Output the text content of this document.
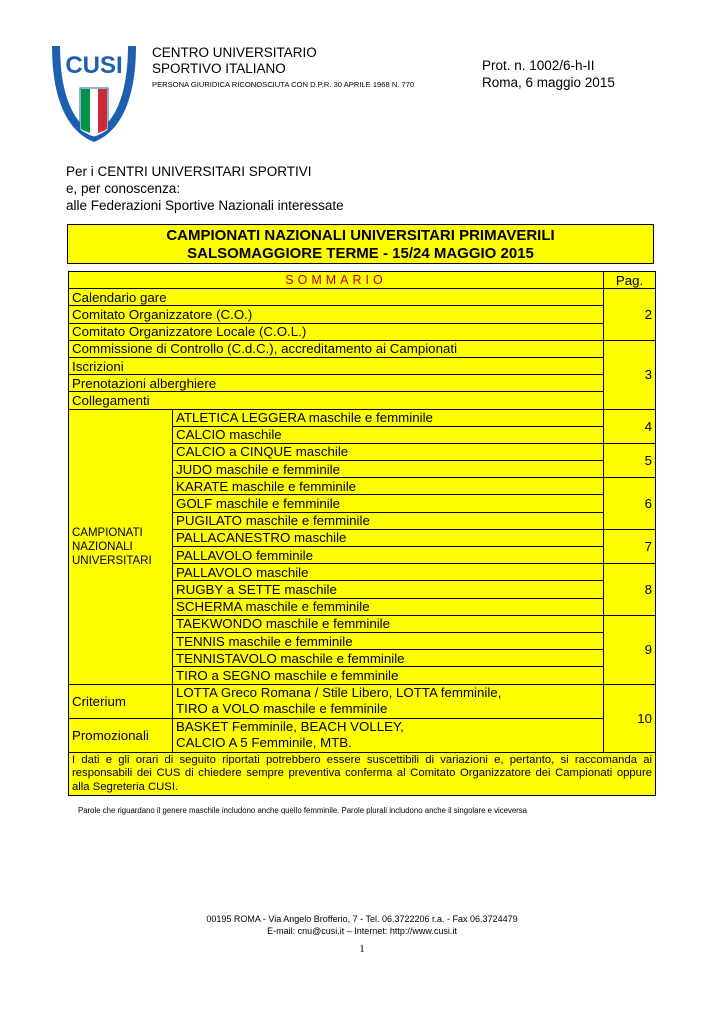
CUSI CENTRO UNIVERSITARIO
SPORTIVO ITALIANO
PERSONA GIURIDICA RICONOSCIUTA CON D.P.R. 30 APRILE 1968 N. 770
Prot. n. 1002/6-h-II
Roma, 6 maggio 2015
Per i CENTRI UNIVERSITARI SPORTIVI
e, per conoscenza:
alle Federazioni Sportive Nazionali interessate
CAMPIONATI NAZIONALI UNIVERSITARI PRIMAVERILI
SALSOMAGGIORE TERME - 15/24 MAGGIO 2015
SOMMARIO		Pag.
Calendario gare		2
Comitato Organizzatore (C.O.)		
Comitato Organizzatore Locale (C.O.L.)		
Commissione di Controllo (C.d.C.), accreditamento ai Campionati		3
Iscrizioni		
Prenotazioni alberghiere		
Collegamenti		

CAMPIONATI
NAZIONALI
UNIVERSITARI	ATLETICA LEGGERA maschile e femminile	4
	CALCIO maschile	
	CALCIO a CINQUE maschile	5
	JUDO maschile e femminile	
	KARATE maschile e femminile	6
	GOLF maschile e femminile	
	PUGILATO maschile e femminile	
	PALLACANESTRO maschile	7
	PALLAVOLO femminile	
	PALLAVOLO maschile	8
	RUGBY a SETTE maschile	
	SCHERMA maschile e femminile	
	TAEKWONDO maschile e femminile	9
	TENNIS maschile e femminile	
	TENNISTAVOLO maschile e femminile	
	TIRO a SEGNO maschile e femminile	
Criterium	LOTTA Greco Romana / Stile Libero, LOTTA femminile,
TIRO a VOLO maschile e femminile	10
Promozionali	BASKET Femminile, BEACH VOLLEY,
CALCIO A 5 Femminile, MTB.	

I dati e gli orari di seguito riportati potrebbero essere suscettibili di variazioni e, pertanto, si raccomanda ai responsabili dei CUS di chiedere sempre preventiva conferma al Comitato Organizzatore dei Campionati oppure alla Segreteria CUSI.		
Parole che riguardano il genere maschile includono anche quello femminile. Parole plurali includono anche il singolare e viceversa
00195 ROMA - Via Angelo Brofferio, 7 - Tel. 06.3722206 r.a. - Fax 06.3724479
E-mail: cnu@cusi.it – Internet: http://www.cusi.it
1
